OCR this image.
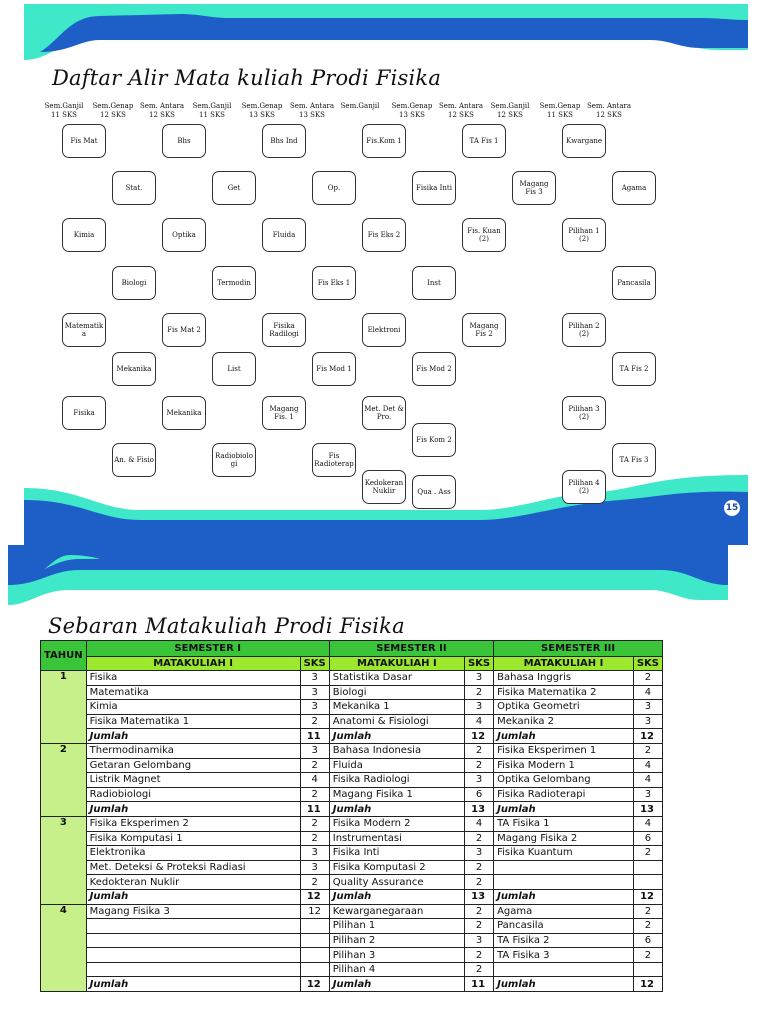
Daftar Alir Mata kuliah Prodi Fisika
Sem.Ganjil
11 SKS
Sem.Genap
12 SKS
Sem. Antara
12 SKS
Sem.Ganjil
11 SKS
Sem.Genap
13 SKS
Sem. Antara
13 SKS
Sem.Ganjil	Sem.Genap
13 SKS
Sem. Antara
12 SKS
Sem.Ganjil
12 SKS
Sem.Genap
11 SKS
Sem. Antara
12 SKS
Fis Mat	Bhs	Bhs Ind	Fis.Kom 1	TA Fis 1	Kwargane
Stat.	Get	Op.	Fisika Inti	Magang Fis 3	Agama
Kimia	Optika	Fluida	Fis Eks 2	Fis. Kuan (2)
Pilihan 1 (2)
Biologi	Termodin	Fis Eks 1	Inst	Pancasila
Matematik a	Fis Mat 2	Fisika Radilogi	Elektroni	Magang Fis 2
Pilihan 2 (2)
Mekanika	List	Fis Mod 1	Fis Mod 2	TA Fis 2
Fisika	Mekanika	Magang Fis. 1
Met. Det & Pro.
Pilihan 3 (2)
Fis Kom 2
An. & Fisio	Radiobiolo gi
Fis Radioterap	TA Fis 3
Kedokeran Nuklir	Qua . Ass
Pilihan 4 (2)
15
Sebaran Matakuliah Prodi Fisika
TAHUN	SEMESTER I		SEMESTER II		SEMESTER III	
	MATAKULIAH I	SKS	MATAKULIAH I	SKS	MATAKULIAH I	SKS
1	Fisika	3	Statistika Dasar	3	Bahasa Inggris	2
	Matematika	3	Biologi	2	Fisika Matematika 2	4
	Kimia	3	Mekanika 1	3	Optika Geometri	3
	Fisika Matematika 1	2	Anatomi & Fisiologi	4	Mekanika 2	3
	Jumlah	11	Jumlah	12	Jumlah	12
2	Thermodinamika	3	Bahasa Indonesia	2	Fisika Eksperimen 1	2
	Getaran Gelombang	2	Fluida	2	Fisika Modern 1	4
	Listrik Magnet	4	Fisika Radiologi	3	Optika Gelombang	4
	Radiobiologi	2	Magang Fisika 1	6	Fisika Radioterapi	3
	Jumlah	11	Jumlah	13	Jumlah	13
3	Fisika Eksperimen 2	2	Fisika Modern 2	4	TA Fisika 1	4
	Fisika Komputasi 1	2	Instrumentasi	2	Magang Fisika 2	6
	Elektronika	3	Fisika Inti	3	Fisika Kuantum	2
	Met. Deteksi & Proteksi Radiasi	3	Fisika Komputasi 2	2		
	Kedokteran Nuklir	2	Quality Assurance	2		
	Jumlah	12	Jumlah	13	Jumlah	12
4	Magang Fisika 3	12	Kewarganegaraan	2	Agama	2
			Pilihan 1	2	Pancasila	2
			Pilihan 2	3	TA Fisika 2	6
			Pilihan 3	2	TA Fisika 3	2
			Pilihan 4	2		
	Jumlah	12	Jumlah	11	Jumlah	12
